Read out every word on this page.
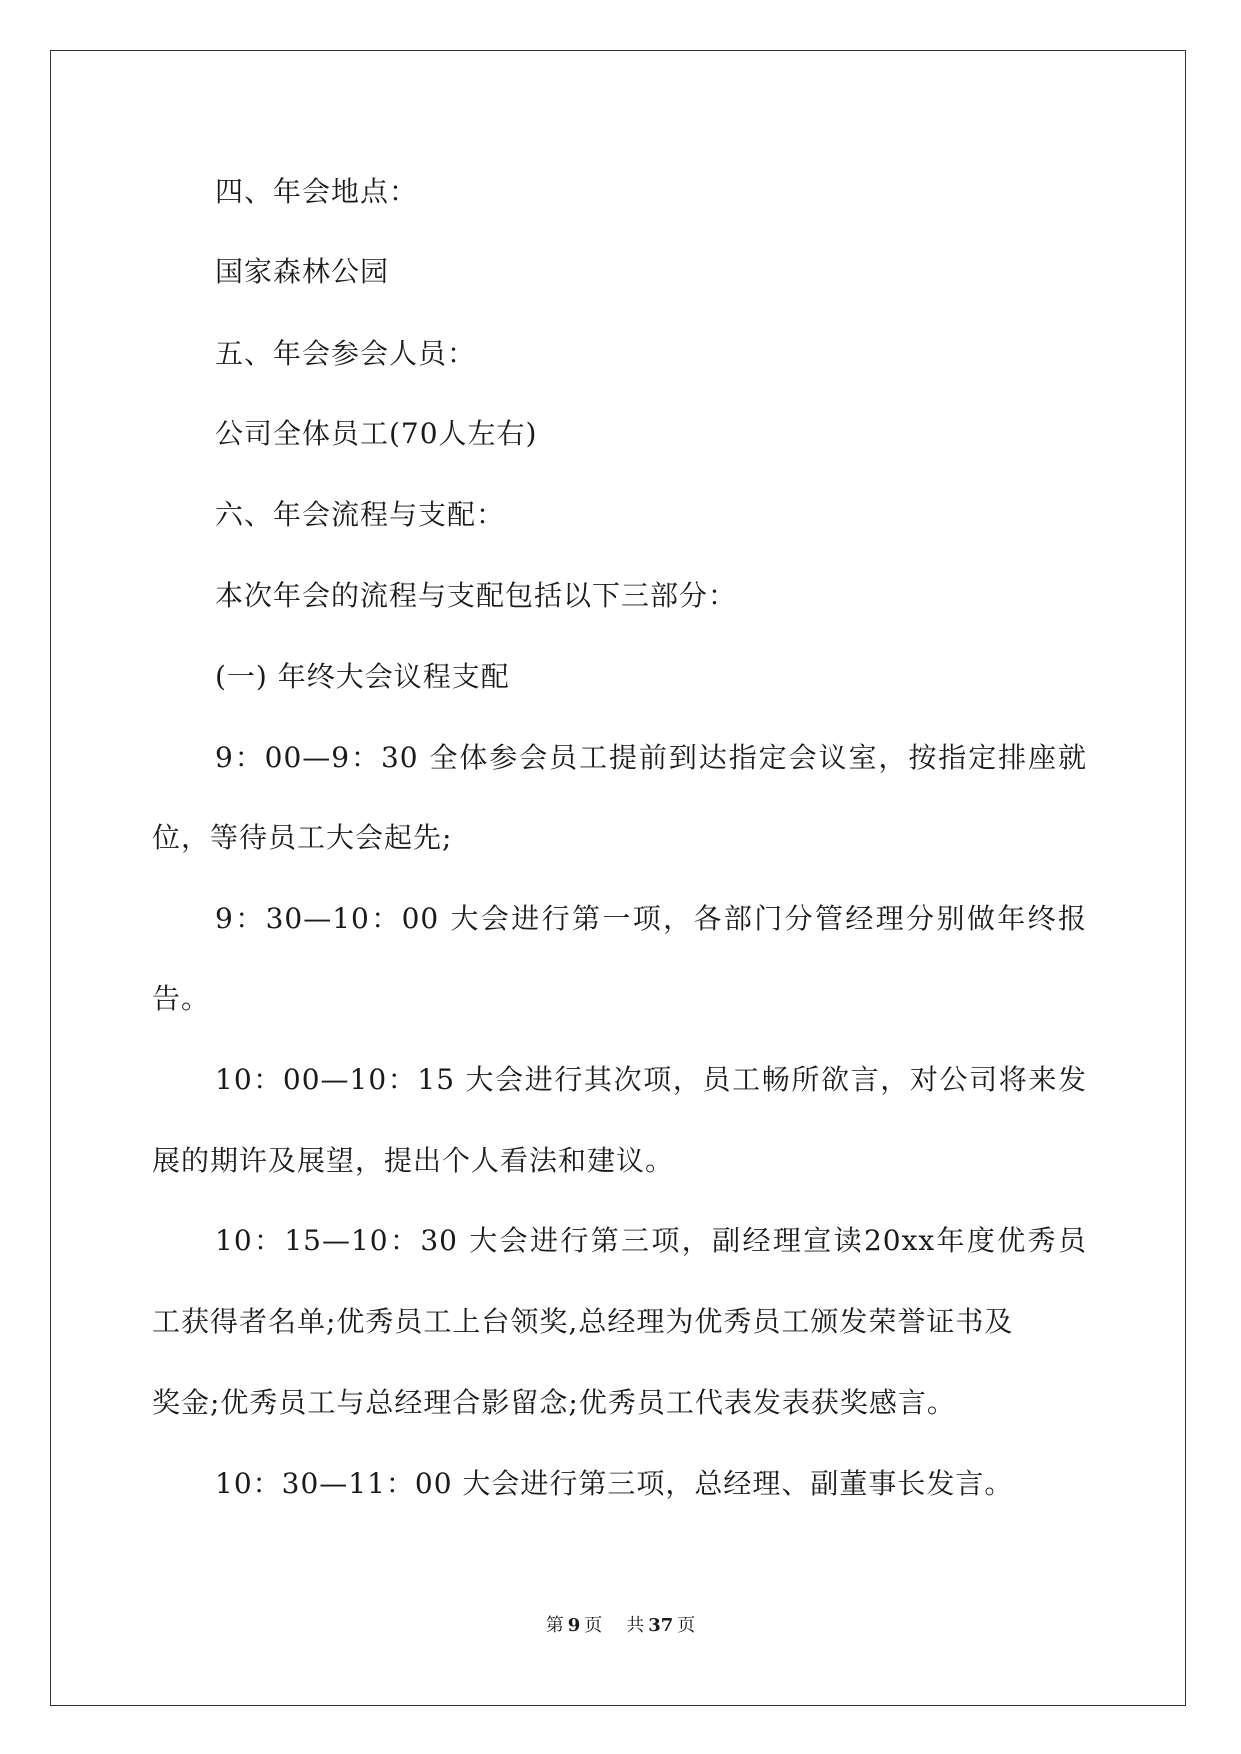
四、年会地点：
国家森林公园
五、年会参会人员：
公司全体员工(70人左右)
六、年会流程与支配：
本次年会的流程与支配包括以下三部分：
(一) 年终大会议程支配
9：00—9：30 全体参会员工提前到达指定会议室，按指定排座就
位，等待员工大会起先;
9：30—10：00 大会进行第一项，各部门分管经理分别做年终报
告。
10：00—10：15 大会进行其次项，员工畅所欲言，对公司将来发
展的期许及展望，提出个人看法和建议。
10：15—10：30 大会进行第三项，副经理宣读20xx年度优秀员
工获得者名单;优秀员工上台领奖,总经理为优秀员工颁发荣誉证书及
奖金;优秀员工与总经理合影留念;优秀员工代表发表获奖感言。
10：30—11：00 大会进行第三项，总经理、副董事长发言。
第 9 页 共 37 页
